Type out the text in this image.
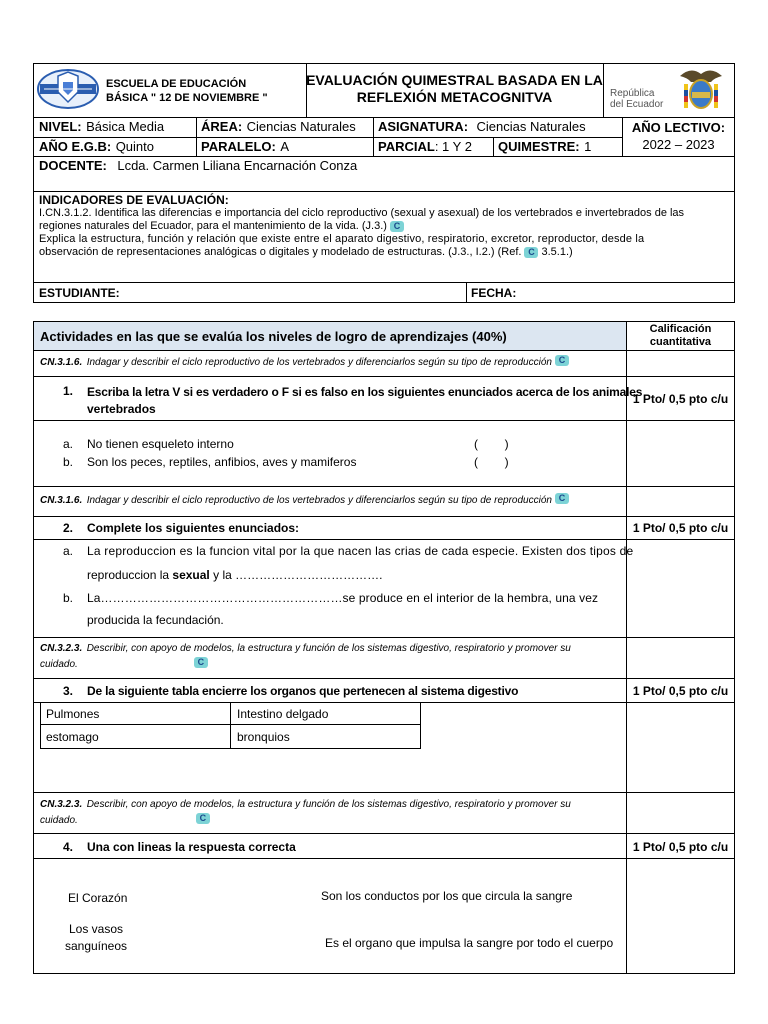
ESCUELA DE EDUCACIÓN
BÁSICA " 12 DE NOVIEMBRE "
EVALUACIÓN QUIMESTRAL BASADA EN LA
REFLEXIÓN METACOGNITVA	República
del Ecuador
NIVEL: Básica Media	ÁREA: Ciencias Naturales ASIGNATURA: Ciencias Naturales	AÑO LECTIVO:
2022 – 2023
AÑO E.G.B: Quinto	PARALELO: A	PARCIAL: 1 Y 2 QUIMESTRE: 1
DOCENTE: Lcda. Carmen Liliana Encarnación Conza
INDICADORES DE EVALUACIÓN:
I.CN.3.1.2. Identifica las diferencias e importancia del ciclo reproductivo (sexual y asexual) de los vertebrados e invertebrados de las
regiones naturales del Ecuador, para el mantenimiento de la vida. (J.3.) C
Explica la estructura, función y relación que existe entre el aparato digestivo, respiratorio, excretor, reproductor, desde la
observación de representaciones analógicas o digitales y modelado de estructuras. (J.3., I.2.) (Ref. C 3.5.1.)
ESTUDIANTE:	FECHA:
Actividades en las que se evalúa los niveles de logro de aprendizajes (40%)	Calificación
cuantitativa
CN.3.1.6. Indagar y describir el ciclo reproductivo de los vertebrados y diferenciarlos según su tipo de reproducción C
1. Escriba la letra V si es verdadero o F si es falso en los siguientes enunciados acerca de los animales
vertebrados
1 Pto/ 0,5 pto c/u
a. No tienen esqueleto interno	(        )
b. Son los peces, reptiles, anfibios, aves y mamiferos	(        )
CN.3.1.6. Indagar y describir el ciclo reproductivo de los vertebrados y diferenciarlos según su tipo de reproducción C
2. Complete los siguientes enunciados:	1 Pto/ 0,5 pto c/u
a. La reproduccion es la funcion vital por la que nacen las crias de cada especie. Existen dos tipos de
reproduccion la sexual y la ……………………………….
b. La……………………………………………………se produce en el interior de la hembra, una vez
producida la fecundación.
CN.3.2.3. Describir, con apoyo de modelos, la estructura y función de los sistemas digestivo, respiratorio y promover su
cuidado.	C
3. De la siguiente tabla encierre los organos que pertenecen al sistema digestivo	1 Pto/ 0,5 pto c/u
Pulmones	Intestino delgado
estomago	bronquios
CN.3.2.3. Describir, con apoyo de modelos, la estructura y función de los sistemas digestivo, respiratorio y promover su
cuidado.	C
4. Una con lineas la respuesta correcta	1 Pto/ 0,5 pto c/u
El Corazón
Los vasos
sanguíneos
Son los conductos por los que circula la sangre
Es el organo que impulsa la sangre por todo el cuerpo
